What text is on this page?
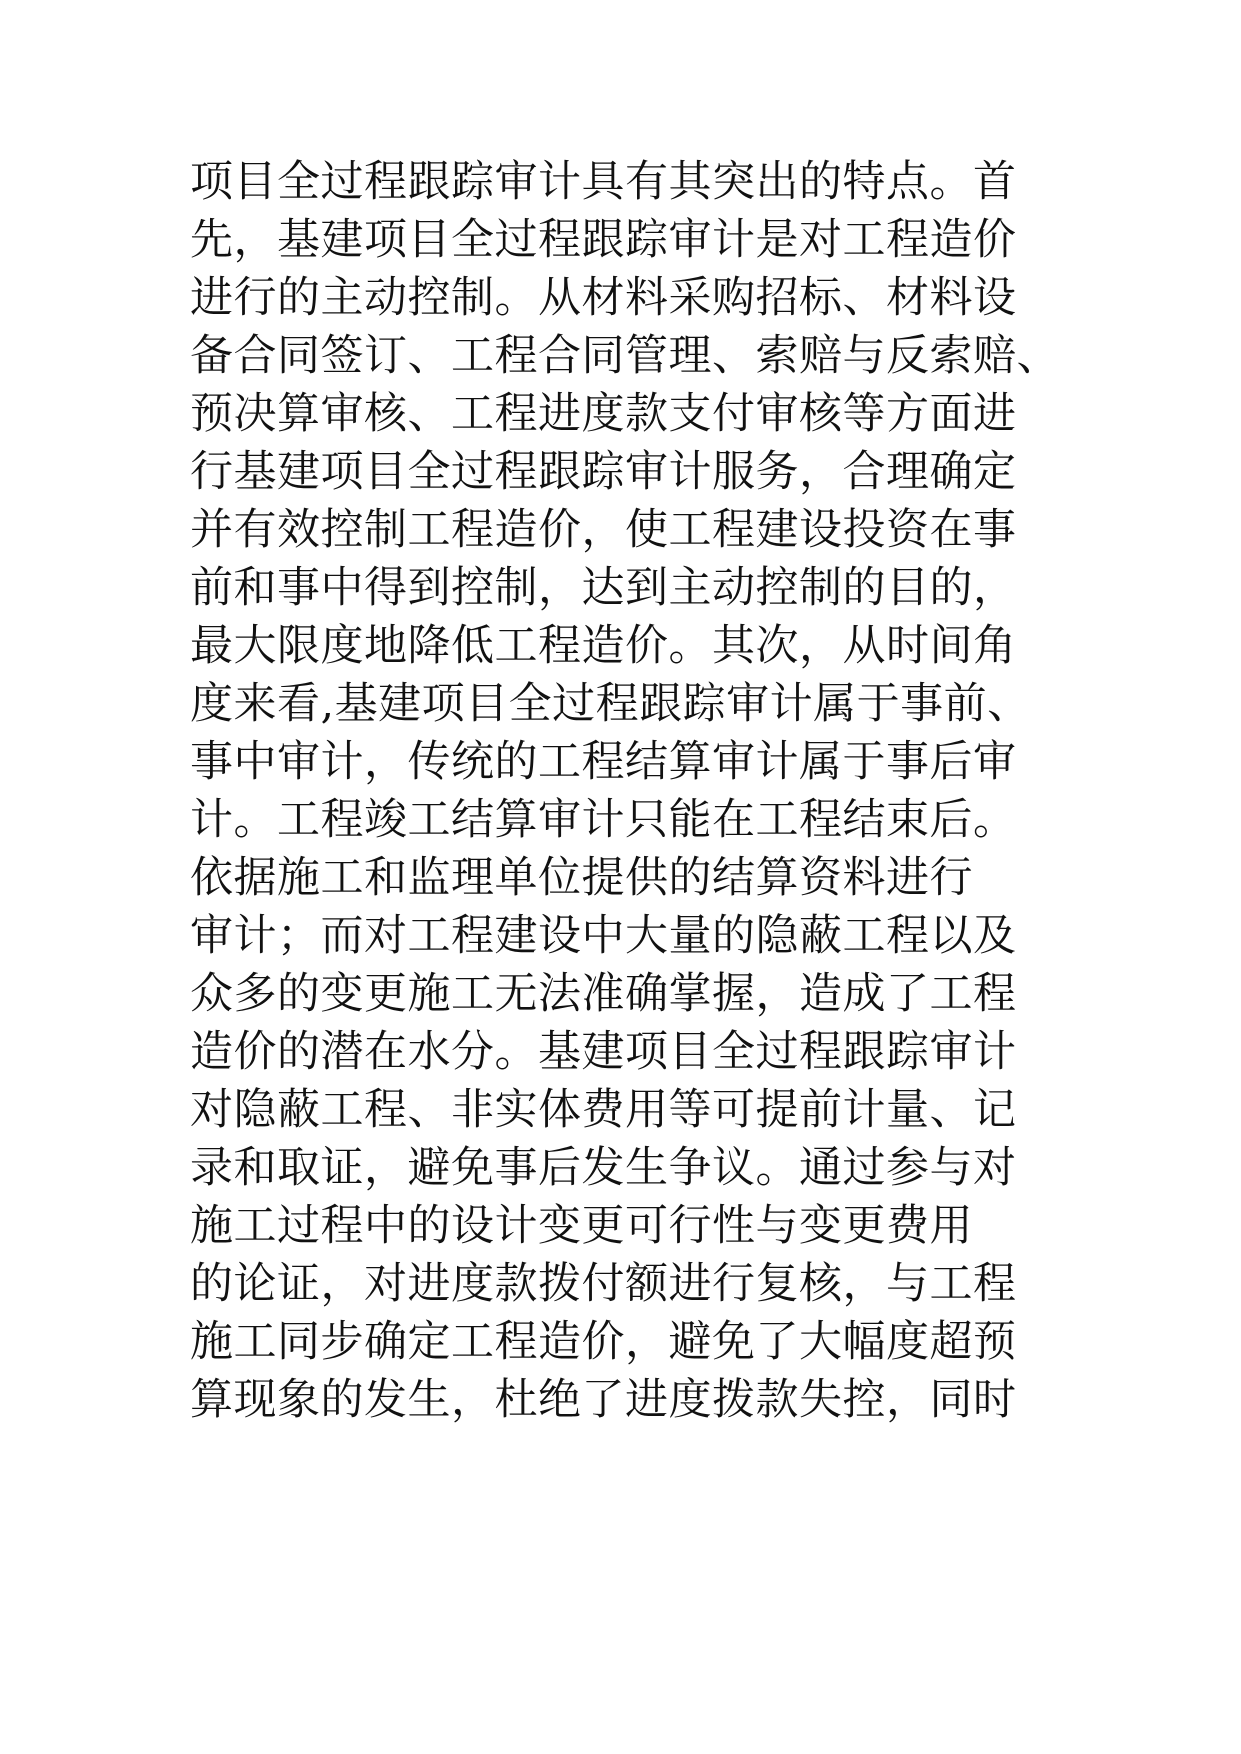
项目全过程跟踪审计具有其突出的特点。首
先，基建项目全过程跟踪审计是对工程造价
进行的主动控制。从材料采购招标、材料设
备合同签订、工程合同管理、索赔与反索赔、
预决算审核、工程进度款支付审核等方面进
行基建项目全过程跟踪审计服务，合理确定
并有效控制工程造价，使工程建设投资在事
前和事中得到控制，达到主动控制的目的，
最大限度地降低工程造价。其次，从时间角
度来看,基建项目全过程跟踪审计属于事前、
事中审计，传统的工程结算审计属于事后审
计。工程竣工结算审计只能在工程结束后。
依据施工和监理单位提供的结算资料进行
审计；而对工程建设中大量的隐蔽工程以及
众多的变更施工无法准确掌握，造成了工程
造价的潜在水分。基建项目全过程跟踪审计
对隐蔽工程、非实体费用等可提前计量、记
录和取证，避免事后发生争议。通过参与对
施工过程中的设计变更可行性与变更费用
的论证，对进度款拨付额进行复核，与工程
施工同步确定工程造价，避免了大幅度超预
算现象的发生，杜绝了进度拨款失控，同时
